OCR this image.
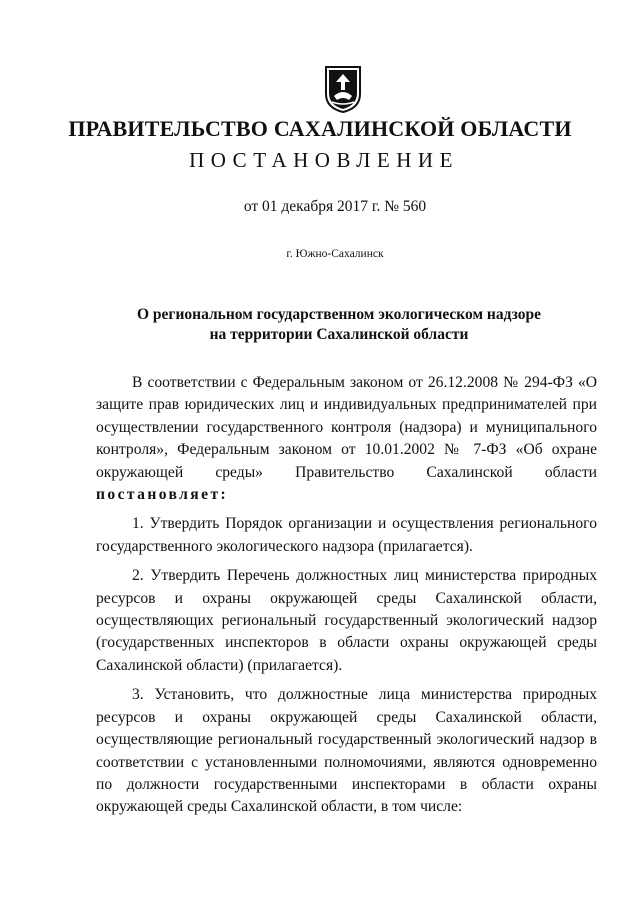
ПРАВИТЕЛЬСТВО САХАЛИНСКОЙ ОБЛАСТИ
ПОСТАНОВЛЕНИЕ
от 01 декабря 2017 г. № 560
г. Южно-Сахалинск
О региональном государственном экологическом надзоре
на территории Сахалинской области

В соответствии с Федеральным законом от 26.12.2008 № 294-ФЗ «О защите прав юридических лиц и индивидуальных предпринимателей при осуществлении государственного контроля (надзора) и муниципального контроля», Федеральным законом от 10.01.2002 № 7-ФЗ «Об охране окружающей среды» Правительство Сахалинской области постановляет:

1. Утвердить Порядок организации и осуществления регионального государственного экологического надзора (прилагается).

2. Утвердить Перечень должностных лиц министерства природных ресурсов и охраны окружающей среды Сахалинской области, осуществляющих региональный государственный экологический надзор (государственных инспекторов в области охраны окружающей среды Сахалинской области) (прилагается).

3. Установить, что должностные лица министерства природных ресурсов и охраны окружающей среды Сахалинской области, осуществляющие региональный государственный экологический надзор в соответствии с установленными полномочиями, являются одновременно по должности государственными инспекторами в области охраны окружающей среды Сахалинской области, в том числе:
